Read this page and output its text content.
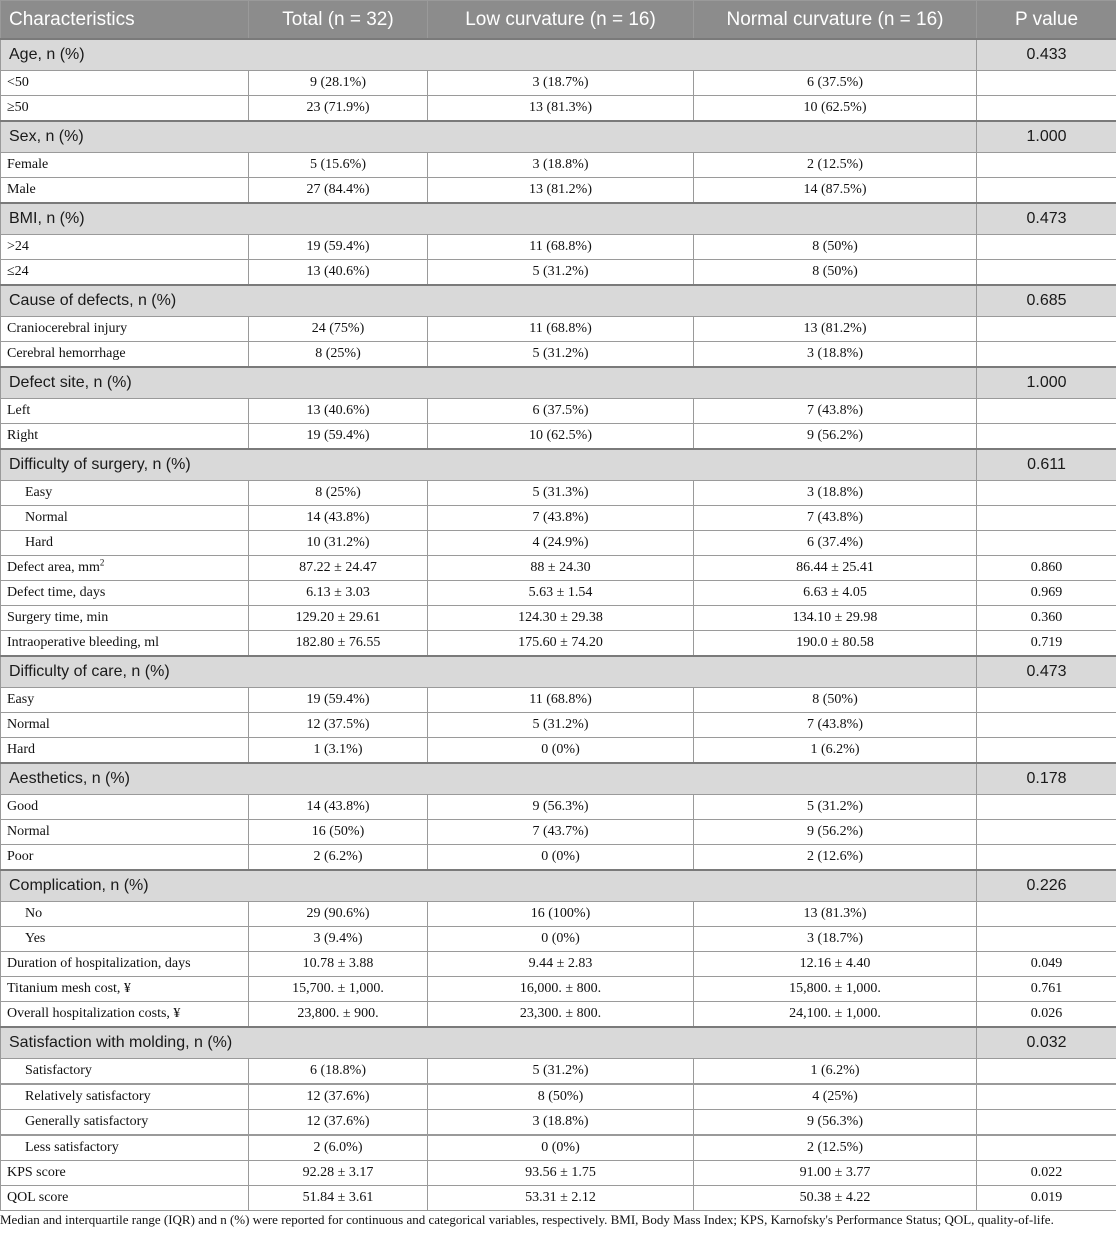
Characteristics	Total (n = 32)	Low curvature (n = 16)	Normal curvature (n = 16)	P value
Age, n (%)				0.433
<50	9 (28.1%)	3 (18.7%)	6 (37.5%)	
≥50	23 (71.9%)	13 (81.3%)	10 (62.5%)	
Sex, n (%)				1.000
Female	5 (15.6%)	3 (18.8%)	2 (12.5%)	
Male	27 (84.4%)	13 (81.2%)	14 (87.5%)	
BMI, n (%)				0.473
>24	19 (59.4%)	11 (68.8%)	8 (50%)	
≤24	13 (40.6%)	5 (31.2%)	8 (50%)	
Cause of defects, n (%)				0.685
Craniocerebral injury	24 (75%)	11 (68.8%)	13 (81.2%)	
Cerebral hemorrhage	8 (25%)	5 (31.2%)	3 (18.8%)	
Defect site, n (%)				1.000
Left	13 (40.6%)	6 (37.5%)	7 (43.8%)	
Right	19 (59.4%)	10 (62.5%)	9 (56.2%)	
Difficulty of surgery, n (%)				0.611
Easy	8 (25%)	5 (31.3%)	3 (18.8%)	
Normal	14 (43.8%)	7 (43.8%)	7 (43.8%)	
Hard	10 (31.2%)	4 (24.9%)	6 (37.4%)	
Defect area, $mm^2$	87.22 ± 24.47	88 ± 24.30	86.44 ± 25.41	0.860
Defect time, days	6.13 ± 3.03	5.63 ± 1.54	6.63 ± 4.05	0.969
Surgery time, min	129.20 ± 29.61	124.30 ± 29.38	134.10 ± 29.98	0.360
Intraoperative bleeding, ml	182.80 ± 76.55	175.60 ± 74.20	190.0 ± 80.58	0.719
Difficulty of care, n (%)				0.473
Easy	19 (59.4%)	11 (68.8%)	8 (50%)	
Normal	12 (37.5%)	5 (31.2%)	7 (43.8%)	
Hard	1 (3.1%)	0 (0%)	1 (6.2%)	
Aesthetics, n (%)				0.178
Good	14 (43.8%)	9 (56.3%)	5 (31.2%)	
Normal	16 (50%)	7 (43.7%)	9 (56.2%)	
Poor	2 (6.2%)	0 (0%)	2 (12.6%)	
Complication, n (%)				0.226
No	29 (90.6%)	16 (100%)	13 (81.3%)	
Yes	3 (9.4%)	0 (0%)	3 (18.7%)	
Duration of hospitalization, days	10.78 ± 3.88	9.44 ± 2.83	12.16 ± 4.40	0.049
Titanium mesh cost, ¥	15,700. ± 1,000.	16,000. ± 800.	15,800. ± 1,000.	0.761
Overall hospitalization costs, ¥	23,800. ± 900.	23,300. ± 800.	24,100. ± 1,000.	0.026
Satisfaction with molding, n (%)				0.032
Satisfactory	6 (18.8%)	5 (31.2%)	1 (6.2%)	
Relatively satisfactory	12 (37.6%)	8 (50%)	4 (25%)	
Generally satisfactory	12 (37.6%)	3 (18.8%)	9 (56.3%)	
Less satisfactory	2 (6.0%)	0 (0%)	2 (12.5%)	
KPS score	92.28 ± 3.17	93.56 ± 1.75	91.00 ± 3.77	0.022
QOL score	51.84 ± 3.61	53.31 ± 2.12	50.38 ± 4.22	0.019
Median and interquartile range (IQR) and n (%) were reported for continuous and categorical variables, respectively. BMI, Body Mass Index; KPS, Karnofsky's Performance Status; QOL, quality-of-life.
